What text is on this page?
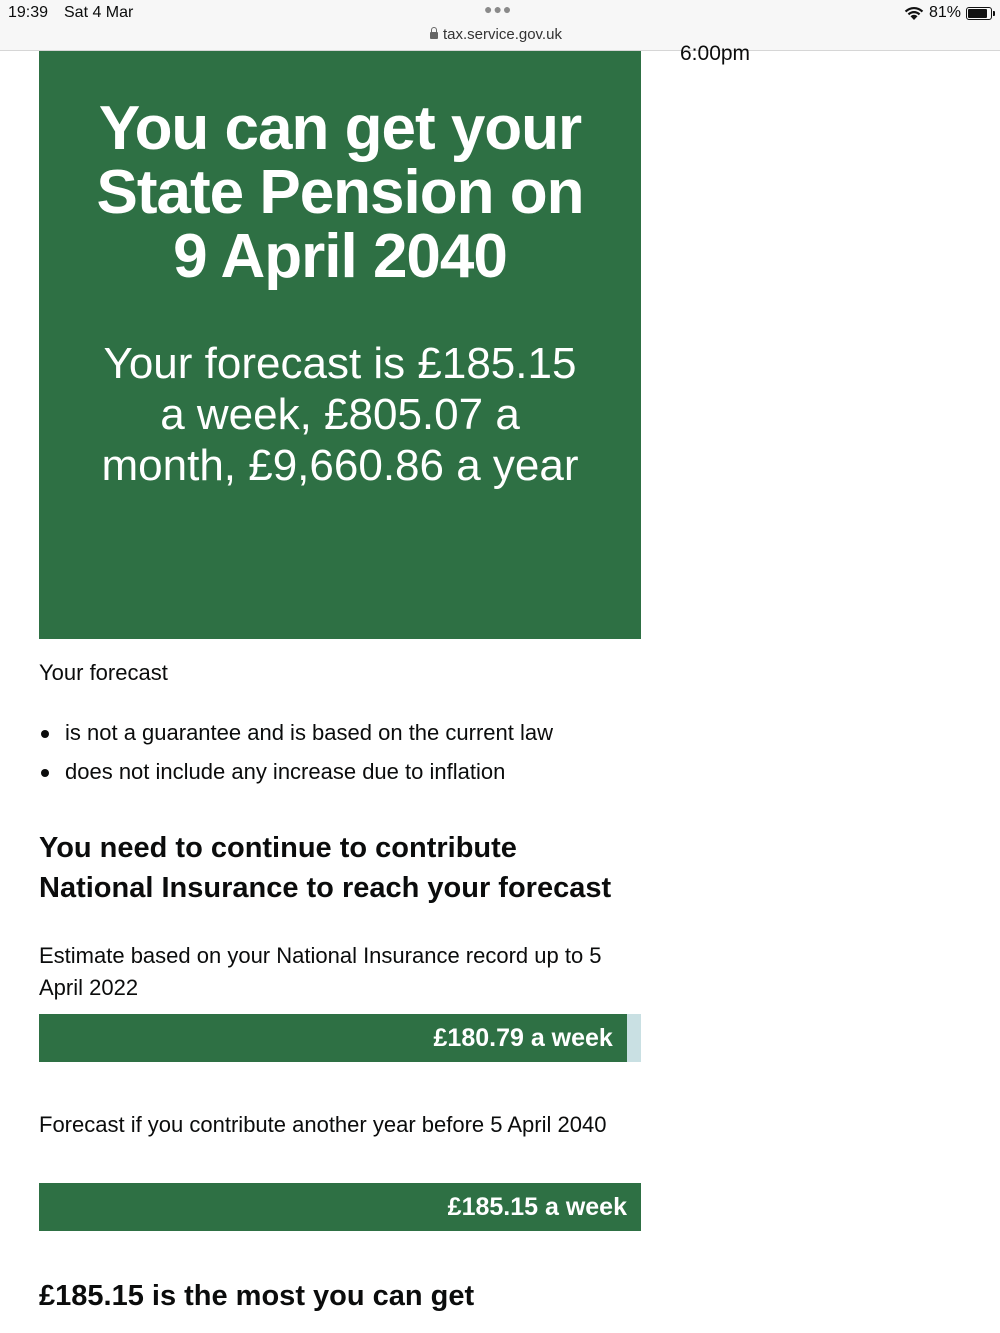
19:39 Sat 4 Mar	●●●
tax.service.gov.uk
81%
6:00pm
You can get your State Pension on 9 April 2040
Your forecast is £185.15 a week, £805.07 a month, £9,660.86 a year
Your forecast
is not a guarantee and is based on the current law
does not include any increase due to inflation
You need to continue to contribute National Insurance to reach your forecast
Estimate based on your National Insurance record up to 5 April 2022
£180.79 a week
Forecast if you contribute another year before 5 April 2040
£185.15 a week
£185.15 is the most you can get
